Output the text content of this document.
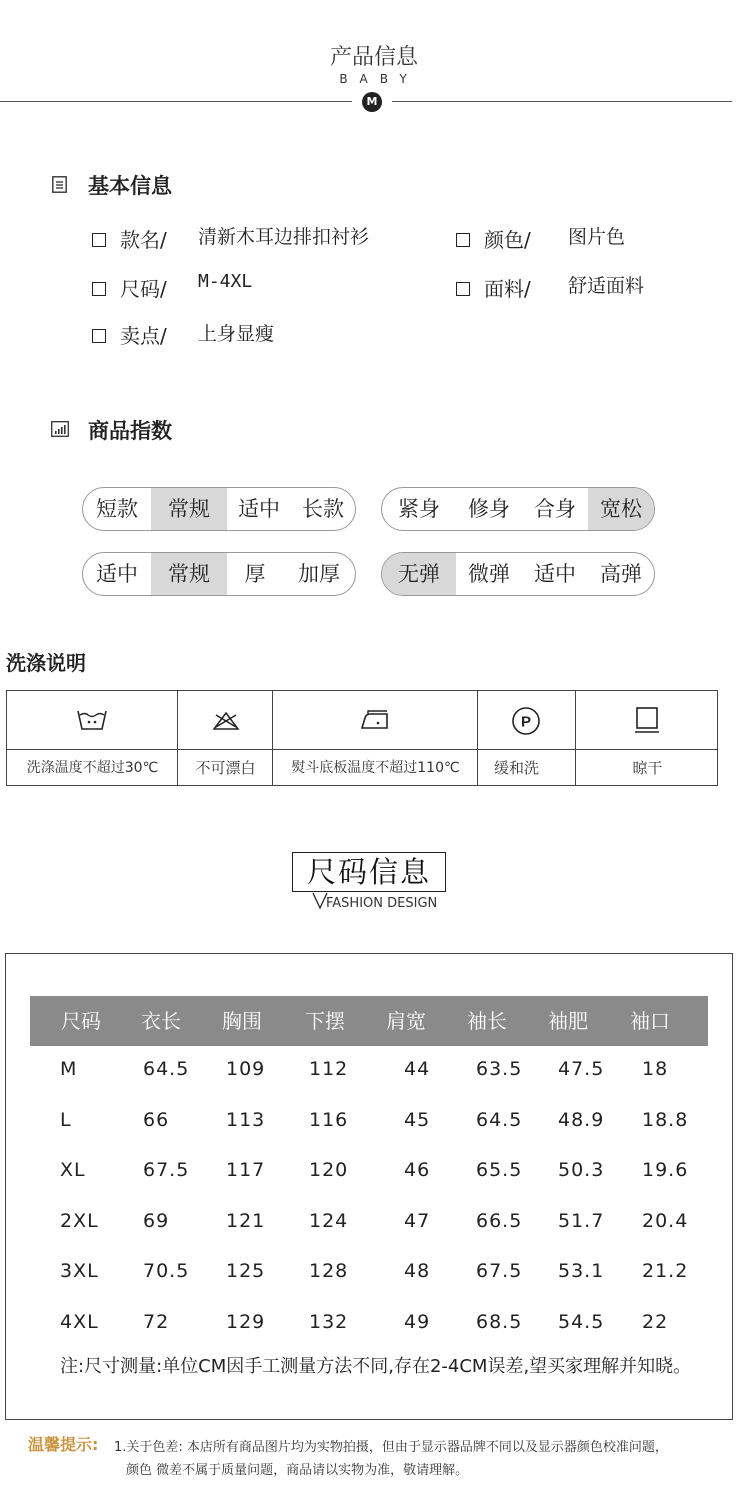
产品信息
BABY
M
基本信息
款名/ 清新木耳边排扣衬衫	颜色/ 图片色
尺码/ M-4XL	面料/ 舒适面料
卖点/ 上身显瘦
商品指数
短款	常规	适中	长款	紧身	修身	合身	宽松
适中	常规	厚	加厚	无弹	微弹	适中	高弹
洗涤说明
P
洗涤温度不超过30℃	不可漂白	熨斗底板温度不超过110℃	缓和洗	晾干
尺码信息
FASHION DESIGN
尺码 衣长 胸围 下摆 肩宽 袖长 袖肥 袖口
M	64.5 109 112	44 63.5 47.5 18
L	66	113 116	45 64.5 48.9 18.8
XL	67.5 117 120	46 65.5 50.3 19.6
2XL 69	121 124	47 66.5 51.7 20.4
3XL 70.5 125 128	48 67.5 53.1 21.2
4XL 72	129 132	49 68.5 54.5 22
注:尺寸测量:单位CM因手工测量方法不同,存在2-4CM误差,望买家理解并知晓。
温馨提示: 1.关于色差: 本店所有商品图片均为实物拍摄，但由于显示器品牌不同以及显示器颜色校准问题，
颜色 微差不属于质量问题，商品请以实物为准，敬请理解。
